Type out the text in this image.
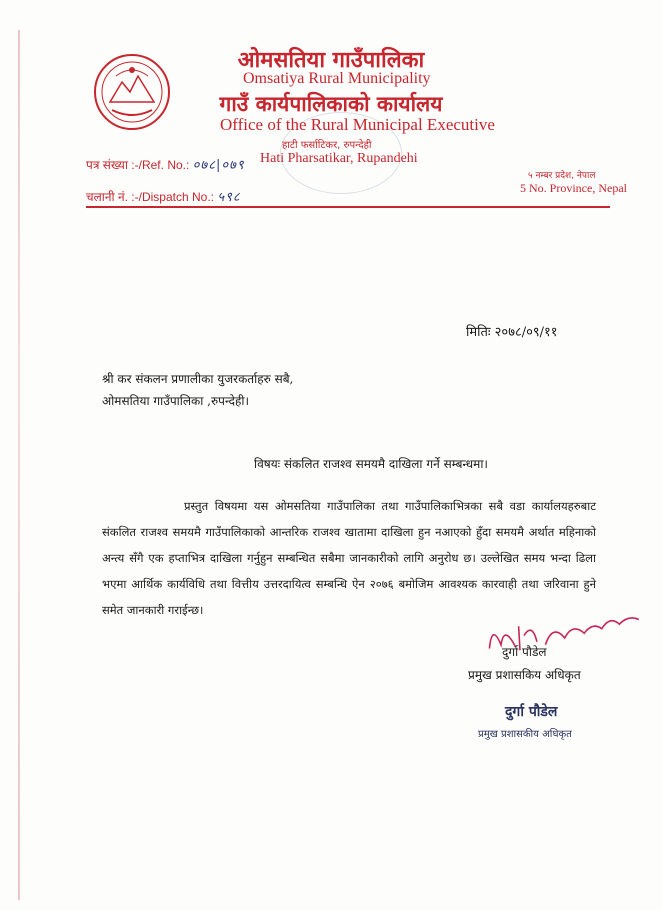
ओमसतिया गाउँपालिका
Omsatiya Rural Municipality
गाउँ कार्यपालिकाको कार्यालय
Office of the Rural Municipal Executive
हाटी फर्साटिकर, रुपन्देही
Hati Pharsatikar, Rupandehi
पत्र संख्या :-/Ref. No.: ०७८|०७९
चलानी नं. :-/Dispatch No.: ५९८
५ नम्बर प्रदेश, नेपाल
5 No. Province, Nepal
मितिः २०७८/०९/११
श्री कर संकलन प्रणालीका युजरकर्ताहरु सबै,
ओमसतिया गाउँपालिका ,रुपन्देही।
विषयः संकलित राजश्व समयमै दाखिला गर्ने सम्बन्धमा।
प्रस्तुत विषयमा यस ओमसतिया गाउँपालिका तथा गाउँपालिकाभित्रका सबै वडा कार्यालयहरुबाट संकलित राजश्व समयमै गाउँपालिकाको आन्तरिक राजश्व खातामा दाखिला हुन नआएको हुँदा समयमै अर्थात महिनाको अन्त्य सँगै एक हप्ताभित्र दाखिला गर्नुहुन सम्बन्धित सबैमा जानकारीको लागि अनुरोध छ। उल्लेखित समय भन्दा ढिला भएमा आर्थिक कार्यविधि तथा वित्तीय उत्तरदायित्व सम्बन्धि ऐन २०७६ बमोजिम आवश्यक कारवाही तथा जरिवाना हुने समेत जानकारी गराईन्छ।
दुर्गा पौडेल
प्रमुख प्रशासकिय अधिकृत
दुर्गा पौडेल
प्रमुख प्रशासकीय अधिकृत
